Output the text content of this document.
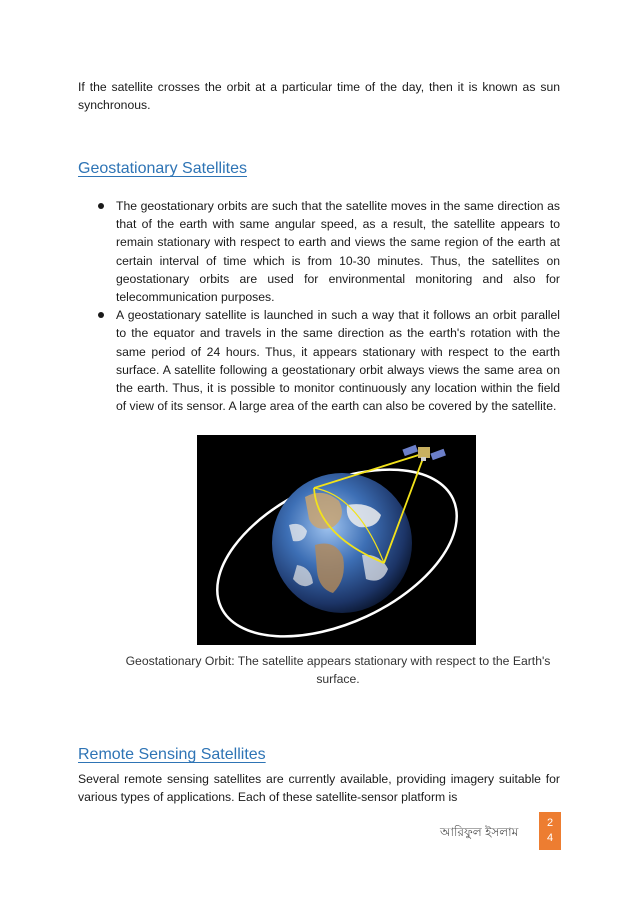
If the satellite crosses the orbit at a particular time of the day, then it is known as sun synchronous.

Geostationary Satellites
The geostationary orbits are such that the satellite moves in the same direction as that of the earth with same angular speed, as a result, the satellite appears to remain stationary with respect to earth and views the same region of the earth at certain interval of time which is from 10-30 minutes. Thus, the satellites on geostationary orbits are used for environmental monitoring and also for telecommunication purposes.
A geostationary satellite is launched in such a way that it follows an orbit parallel to the equator and travels in the same direction as the earth's rotation with the same period of 24 hours. Thus, it appears stationary with respect to the earth surface. A satellite following a geostationary orbit always views the same area on the earth. Thus, it is possible to monitor continuously any location within the field of view of its sensor. A large area of the earth can also be covered by the satellite.

Geostationary Orbit: The satellite appears stationary with respect to the Earth's surface.

Remote Sensing Satellites

Several remote sensing satellites are currently available, providing imagery suitable for various types of applications. Each of these satellite-sensor platform is

আরিফুল ইসলাম
2
4
